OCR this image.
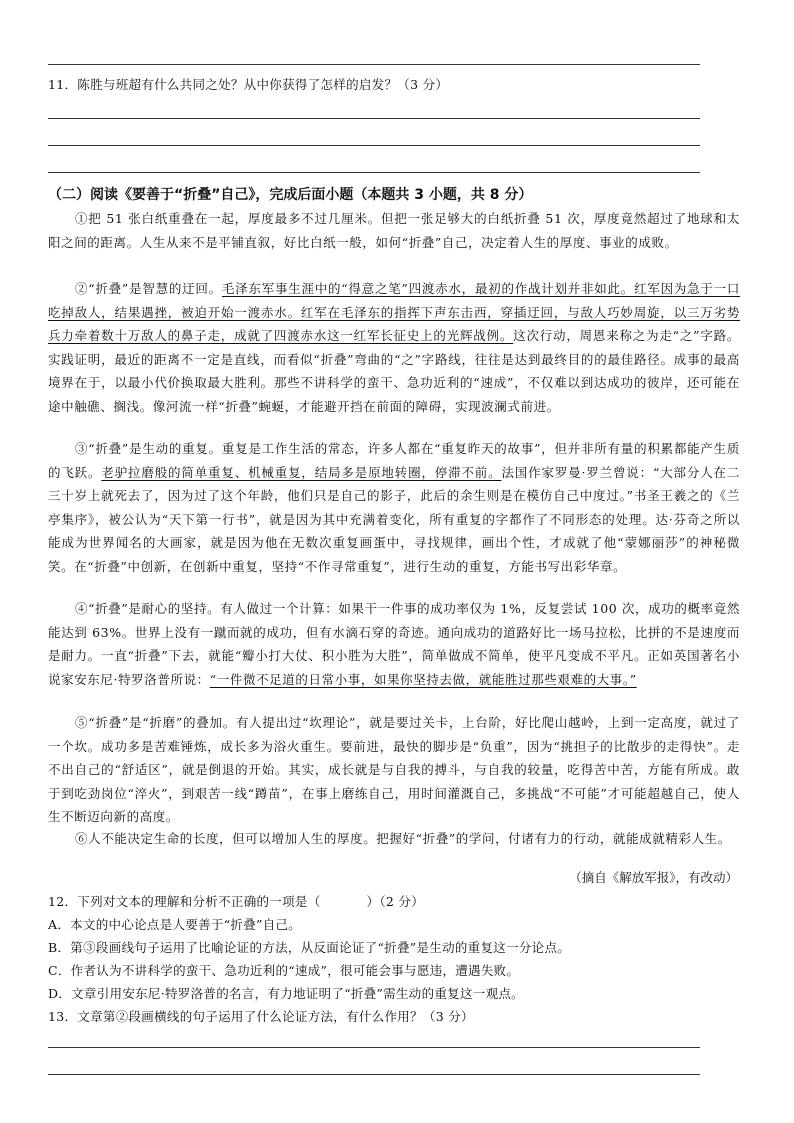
11．陈胜与班超有什么共同之处？从中你获得了怎样的启发？（3 分）
（二）阅读《要善于“折叠”自己》，完成后面小题（本题共 3 小题，共 8 分）
①把 51 张白纸重叠在一起，厚度最多不过几厘米。但把一张足够大的白纸折叠 51 次，厚度竟然超过了地球和太阳之间的距离。人生从来不是平铺直叙，好比白纸一般，如何“折叠”自己，决定着人生的厚度、事业的成败。
②“折叠”是智慧的迂回。毛泽东军事生涯中的“得意之笔”四渡赤水，最初的作战计划并非如此。红军因为急于一口吃掉敌人，结果遇挫，被迫开始一渡赤水。红军在毛泽东的指挥下声东击西，穿插迂回，与敌人巧妙周旋，以三万劣势兵力牵着数十万敌人的鼻子走，成就了四渡赤水这一红军长征史上的光辉战例。这次行动，周恩来称之为走“之”字路。实践证明，最近的距离不一定是直线，而看似“折叠”弯曲的“之”字路线，往往是达到最终目的的最佳路径。成事的最高境界在于，以最小代价换取最大胜利。那些不讲科学的蛮干、急功近利的“速成”，不仅难以到达成功的彼岸，还可能在途中触礁、搁浅。像河流一样“折叠”蜿蜒，才能避开挡在前面的障碍，实现波澜式前进。
③“折叠”是生动的重复。重复是工作生活的常态，许多人都在“重复昨天的故事”，但并非所有量的积累都能产生质的飞跃。老驴拉磨般的简单重复、机械重复，结局多是原地转圈，停滞不前。法国作家罗曼·罗兰曾说：“大部分人在二三十岁上就死去了，因为过了这个年龄，他们只是自己的影子，此后的余生则是在模仿自己中度过。”书圣王羲之的《兰亭集序》，被公认为“天下第一行书”，就是因为其中充满着变化，所有重复的字都作了不同形态的处理。达·芬奇之所以能成为世界闻名的大画家，就是因为他在无数次重复画蛋中，寻找规律，画出个性，才成就了他“蒙娜丽莎”的神秘微笑。在“折叠”中创新，在创新中重复，坚持“不作寻常重复”，进行生动的重复，方能书写出彩华章。
④“折叠”是耐心的坚持。有人做过一个计算：如果干一件事的成功率仅为 1%，反复尝试 100 次，成功的概率竟然能达到 63%。世界上没有一蹴而就的成功，但有水滴石穿的奇迹。通向成功的道路好比一场马拉松，比拼的不是速度而是耐力。一直“折叠”下去，就能“瓣小打大仗、积小胜为大胜”，简单做成不简单，使平凡变成不平凡。正如英国著名小说家安东尼·特罗洛普所说：“一件微不足道的日常小事，如果你坚持去做，就能胜过那些艰难的大事。”
⑤“折叠”是“折磨”的叠加。有人提出过“坎理论”，就是要过关卡，上台阶，好比爬山越岭，上到一定高度，就过了一个坎。成功多是苦难锤炼，成长多为浴火重生。要前进，最快的脚步是“负重”，因为“挑担子的比散步的走得快”。走不出自己的“舒适区”，就是倒退的开始。其实，成长就是与自我的搏斗，与自我的较量，吃得苦中苦，方能有所成。敢于到吃劲岗位“淬火”，到艰苦一线“蹲苗”，在事上磨练自己，用时间灌溉自己，多挑战“不可能”才可能超越自己，使人生不断迈向新的高度。
⑥人不能决定生命的长度，但可以增加人生的厚度。把握好“折叠”的学问，付诸有力的行动，就能成就精彩人生。
（摘自《解放军报》，有改动）
12．下列对文本的理解和分析不正确的一项是（	）（2 分）
A．本文的中心论点是人要善于“折叠”自己。
B．第③段画线句子运用了比喻论证的方法，从反面论证了“折叠”是生动的重复这一分论点。
C．作者认为不讲科学的蛮干、急功近利的“速成”，很可能会事与愿违，遭遇失败。
D．文章引用安东尼·特罗洛普的名言，有力地证明了“折叠”需生动的重复这一观点。
13．文章第②段画横线的句子运用了什么论证方法，有什么作用？（3 分）
